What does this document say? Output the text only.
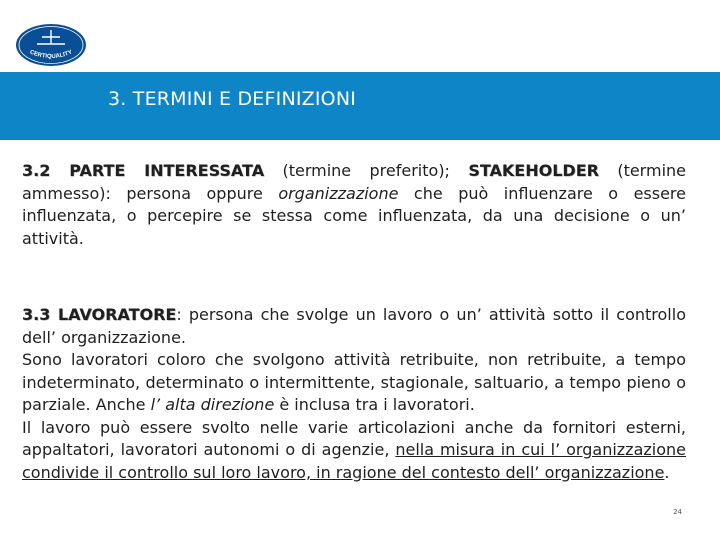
CERTIQUALITY
3. TERMINI E DEFINIZIONI
3.2 PARTE INTERESSATA (termine preferito); STAKEHOLDER (termine ammesso): persona oppure organizzazione che può influenzare o essere influenzata, o percepire se stessa come influenzata, da una decisione o un’ attività.
3.3 LAVORATORE: persona che svolge un lavoro o un’ attività sotto il controllo dell’ organizzazione.
Sono lavoratori coloro che svolgono attività retribuite, non retribuite, a tempo indeterminato, determinato o intermittente, stagionale, saltuario, a tempo pieno o parziale. Anche l’ alta direzione è inclusa tra i lavoratori.
Il lavoro può essere svolto nelle varie articolazioni anche da fornitori esterni, appaltatori, lavoratori autonomi o di agenzie, nella misura in cui l’ organizzazione condivide il controllo sul loro lavoro, in ragione del contesto dell’ organizzazione.
24
